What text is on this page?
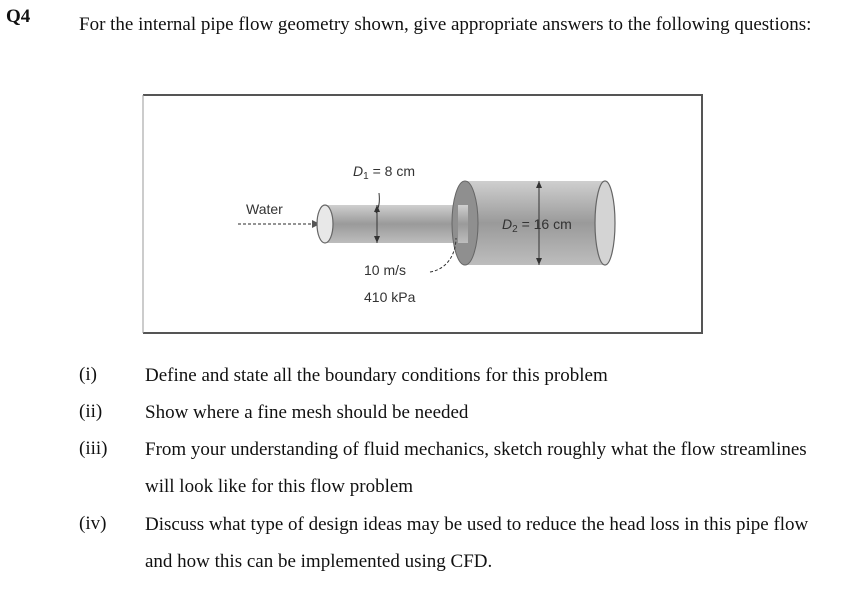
Q4	For the internal pipe flow geometry shown, give appropriate answers to the following questions:
Water
$D_1 = 8$ cm
$D_2 = 16$ cm
10 m/s
410 kPa
(i)	Define and state all the boundary conditions for this problem
(ii) Show where a fine mesh should be needed
(iii) From your understanding of fluid mechanics, sketch roughly what the flow streamlines will look like for this flow problem
(iv) Discuss what type of design ideas may be used to reduce the head loss in this pipe flow and how this can be implemented using CFD.
